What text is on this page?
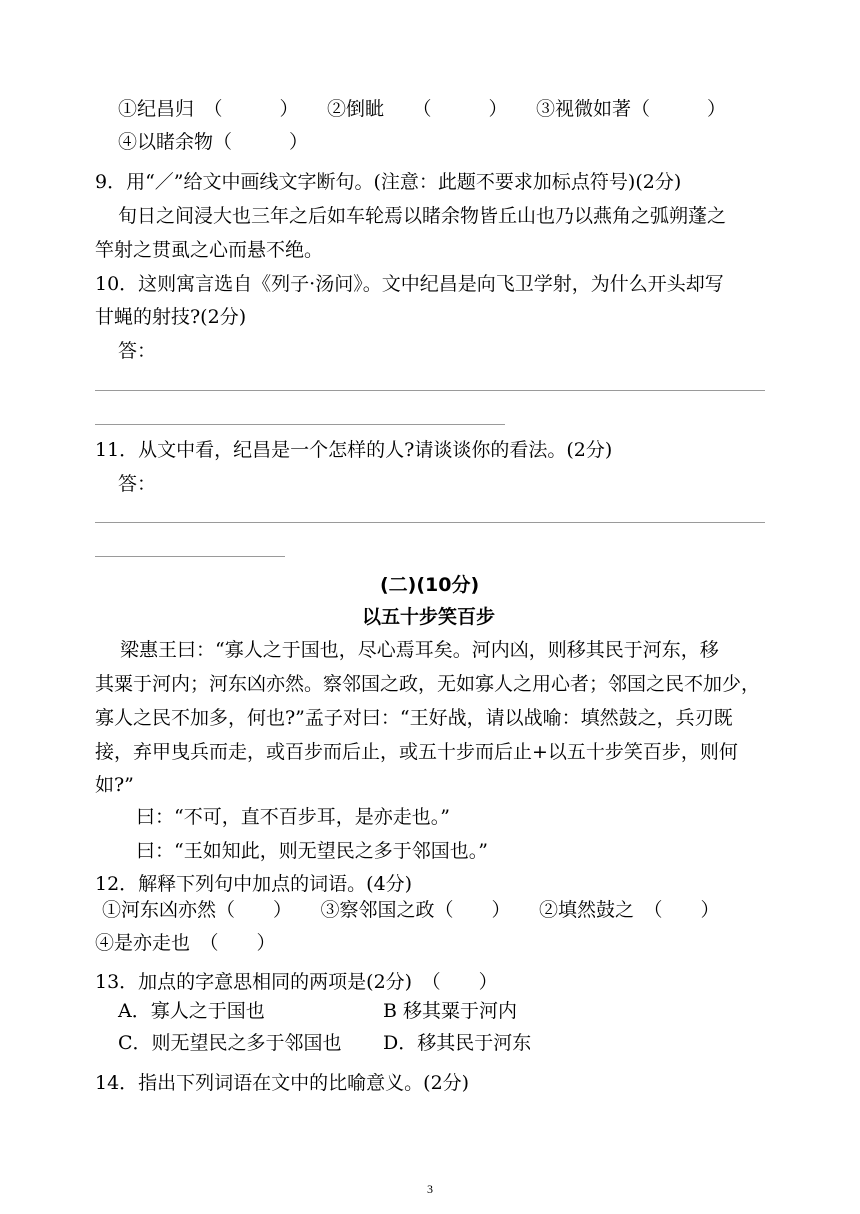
①纪昌归　（　　　）　　②倒眦　　（　　　）　　③视微如著（　　　）
④以睹余物（　　　）
9．用“／”给文中画线文字断句。(注意：此题不要求加标点符号)(2分)
旬日之间浸大也三年之后如车轮焉以睹余物皆丘山也乃以燕角之弧朔蓬之
竿射之贯虱之心而悬不绝。
10．这则寓言选自《列子·汤问》。文中纪昌是向飞卫学射，为什么开头却写
甘蝇的射技?(2分)
答：
11．从文中看，纪昌是一个怎样的人?请谈谈你的看法。(2分)
答：
(二)(10分)
以五十步笑百步
梁惠王曰：“寡人之于国也，尽心焉耳矣。河内凶，则移其民于河东，移
其粟于河内；河东凶亦然。察邻国之政，无如寡人之用心者；邻国之民不加少，
寡人之民不加多，何也?”孟子对曰：“王好战，请以战喻：填然鼓之，兵刃既
接，弃甲曳兵而走，或百步而后止，或五十步而后止+以五十步笑百步，则何
如?”
曰：“不可，直不百步耳，是亦走也。”
曰：“王如知此，则无望民之多于邻国也。”
12．解释下列句中加点的词语。(4分)
①河东凶亦然（　　）　　③察邻国之政（　　）　　②填然鼓之　（　　）
④是亦走也　（　　）
13．加点的字意思相同的两项是(2分)　（　　）
A．寡人之于国也	B 移其粟于河内
C．则无望民之多于邻国也 D．移其民于河东
14．指出下列词语在文中的比喻意义。(2分)
3
